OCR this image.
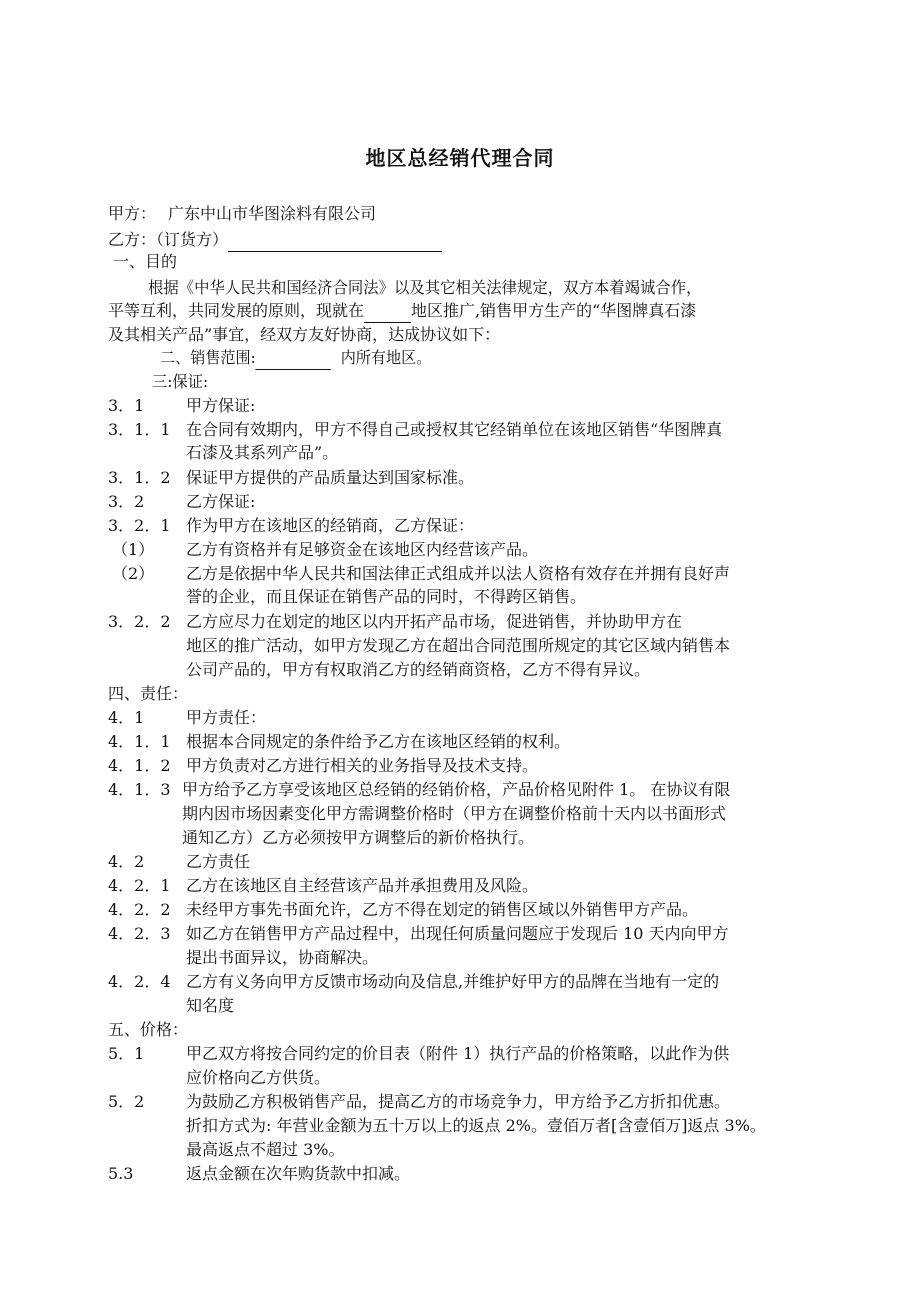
地区总经销代理合同
甲方： 广东中山市华图涂料有限公司
乙方：（订货方）
一、目的
根据《中华人民共和国经济合同法》以及其它相关法律规定，双方本着竭诚合作，
平等互利，共同发展的原则，现就在	地区推广,销售甲方生产的“华图牌真石漆
及其相关产品”事宜，经双方友好协商，达成协议如下：
二、销售范围:	内所有地区。
三:保证:
3．1	甲方保证:
3．1．1 在合同有效期内，甲方不得自己或授权其它经销单位在该地区销售“华图牌真
石漆及其系列产品”。
3．1．2 保证甲方提供的产品质量达到国家标准。
3．2	乙方保证:
3．2．1 作为甲方在该地区的经销商，乙方保证：
（1） 乙方有资格并有足够资金在该地区内经营该产品。
（2） 乙方是依据中华人民共和国法律正式组成并以法人资格有效存在并拥有良好声
誉的企业，而且保证在销售产品的同时，不得跨区销售。
3．2．2 乙方应尽力在划定的地区以内开拓产品市场，促进销售，并协助甲方在
地区的推广活动，如甲方发现乙方在超出合同范围所规定的其它区域内销售本
公司产品的，甲方有权取消乙方的经销商资格，乙方不得有异议。
四、责任：
4．1	甲方责任：
4．1．1 根据本合同规定的条件给予乙方在该地区经销的权利。
4．1．2 甲方负责对乙方进行相关的业务指导及技术支持。
4．1．3 甲方给予乙方享受该地区总经销的经销价格，产品价格见附件 1。 在协议有限
期内因市场因素变化甲方需调整价格时（甲方在调整价格前十天内以书面形式
通知乙方）乙方必须按甲方调整后的新价格执行。
4．2	乙方责任
4．2．1 乙方在该地区自主经营该产品并承担费用及风险。
4．2．2 未经甲方事先书面允许，乙方不得在划定的销售区域以外销售甲方产品。
4．2．3 如乙方在销售甲方产品过程中，出现任何质量问题应于发现后 10 天内向甲方
提出书面异议，协商解决。
4．2．4 乙方有义务向甲方反馈市场动向及信息,并维护好甲方的品牌在当地有一定的
知名度
五、价格：
5．1	甲乙双方将按合同约定的价目表（附件 1）执行产品的价格策略，以此作为供
应价格向乙方供货。
5．2	为鼓励乙方积极销售产品，提高乙方的市场竞争力，甲方给予乙方折扣优惠。
折扣方式为: 年营业金额为五十万以上的返点 2%。壹佰万者[含壹佰万]返点 3%。
最高返点不超过 3%。
5.3	返点金额在次年购货款中扣减。
